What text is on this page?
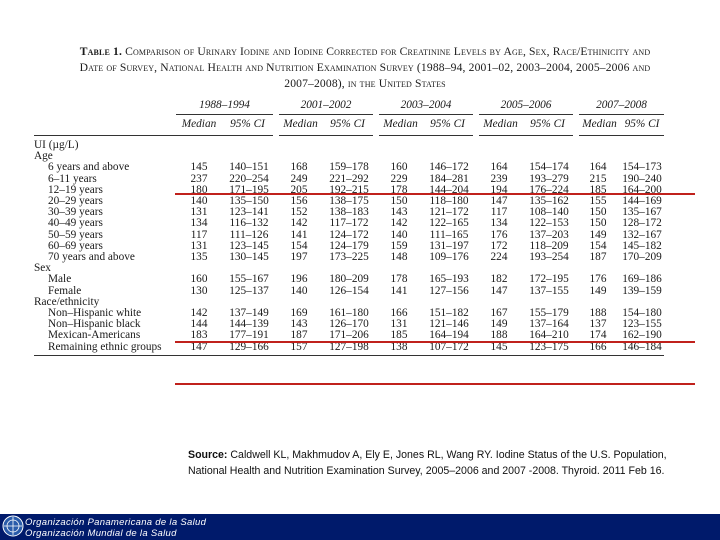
Table 1. Comparison of Urinary Iodine and Iodine Corrected for Creatinine Levels by Age, Sex, Race/Ethinicity and Date of Survey, National Health and Nutrition Examination Survey (1988–94, 2001–02, 2003–2004, 2005–2006 and 2007–2008), in the United States
	1988–1994		2001–2002		2003–2004		2005–2006		2007–2008	
	Median	95% CI	Median	95% CI	Median	95% CI	Median	95% CI	Median	95% CI
UI (µg/L)										
Age										
6 years and above	145	140–151	168	159–178	160	146–172	164	154–174	164	154–173
6–11 years	237	220–254	249	221–292	229	184–281	239	193–279	215	190–240
12–19 years	180	171–195	205	192–215	178	144–204	194	176–224	185	164–200
20–29 years	140	135–150	156	138–175	150	118–180	147	135–162	155	144–169
30–39 years	131	123–141	152	138–183	143	121–172	117	108–140	150	135–167
40–49 years	134	116–132	142	117–172	142	122–165	134	122–153	150	128–172
50–59 years	117	111–126	141	124–172	140	111–165	176	137–203	149	132–167
60–69 years	131	123–145	154	124–179	159	131–197	172	118–209	154	145–182
70 years and above	135	130–145	197	173–225	148	109–176	224	193–254	187	170–209
Sex										
Male	160	155–167	196	180–209	178	165–193	182	172–195	176	169–186
Female	130	125–137	140	126–154	141	127–156	147	137–155	149	139–159
Race/ethnicity										
Non–Hispanic white	142	137–149	169	161–180	166	151–182	167	155–179	188	154–180
Non–Hispanic black	144	144–139	143	126–170	131	121–146	149	137–164	137	123–155
Mexican-Americans	183	177–191	187	171–206	185	164–194	188	164–210	174	162–190
Remaining ethnic groups	147	129–166	157	127–198	138	107–172	145	123–175	166	146–184
Source: Caldwell KL, Makhmudov A, Ely E, Jones RL, Wang RY. Iodine Status of the U.S. Population, National Health and Nutrition Examination Survey, 2005–2006 and 2007 -2008. Thyroid. 2011 Feb 16.
Organización Panamericana de la Salud
Organización Mundial de la Salud
